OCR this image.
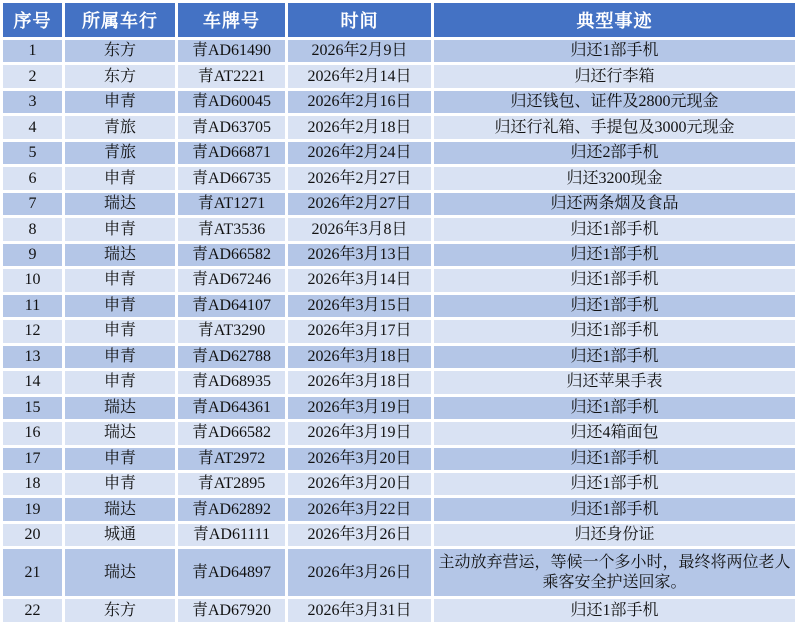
序号	所属车行	车牌号	时间	典型事迹
1	东方	青AD61490	2026年2月9日	归还1部手机
2	东方	青AT2221	2026年2月14日	归还行李箱
3	申青	青AD60045	2026年2月16日	归还钱包、证件及2800元现金
4	青旅	青AD63705	2026年2月18日	归还行礼箱、手提包及3000元现金
5	青旅	青AD66871	2026年2月24日	归还2部手机
6	申青	青AD66735	2026年2月27日	归还3200现金
7	瑞达	青AT1271	2026年2月27日	归还两条烟及食品
8	申青	青AT3536	2026年3月8日	归还1部手机
9	瑞达	青AD66582	2026年3月13日	归还1部手机
10	申青	青AD67246	2026年3月14日	归还1部手机
11	申青	青AD64107	2026年3月15日	归还1部手机
12	申青	青AT3290	2026年3月17日	归还1部手机
13	申青	青AD62788	2026年3月18日	归还1部手机
14	申青	青AD68935	2026年3月18日	归还苹果手表
15	瑞达	青AD64361	2026年3月19日	归还1部手机
16	瑞达	青AD66582	2026年3月19日	归还4箱面包
17	申青	青AT2972	2026年3月20日	归还1部手机
18	申青	青AT2895	2026年3月20日	归还1部手机
19	瑞达	青AD62892	2026年3月22日	归还1部手机
20	城通	青AD61111	2026年3月26日	归还身份证
21	瑞达	青AD64897	2026年3月26日	主动放弃营运，等候一个多小时，最终将两位老人乘客安全护送回家。
22	东方	青AD67920	2026年3月31日	归还1部手机
